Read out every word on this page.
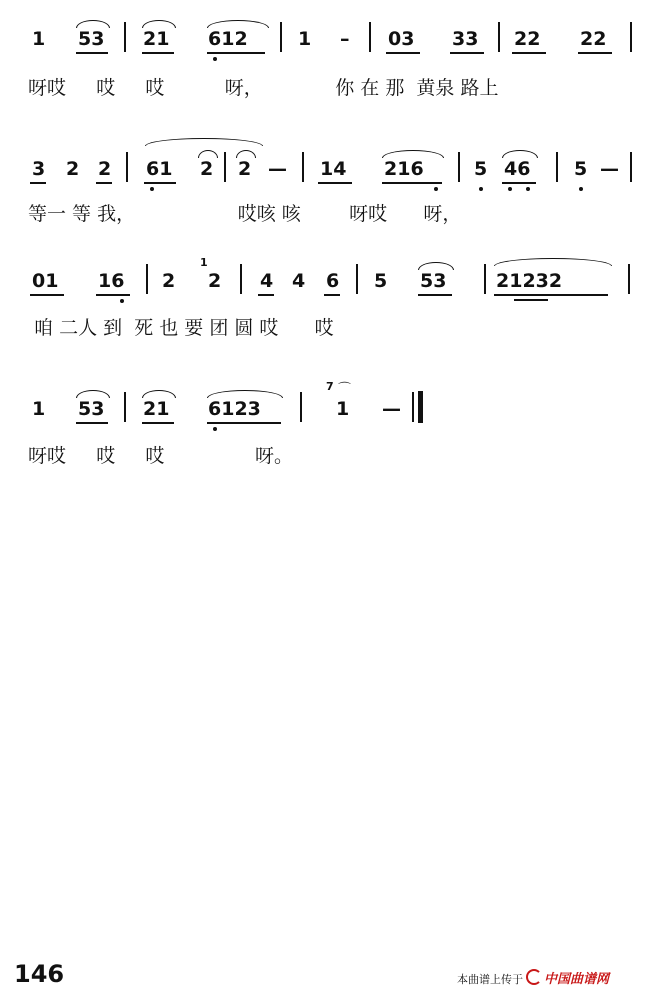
1 53 21 612	1 – 03 33 22 22
呀哎     哎     哎          呀，            你 在 那  黄泉 路上
3 2 2 61 2 2 — 14 216	5 46 5 —
等一 等 我，                 哎咳 咳        呀哎      呀，
01 16 2
1
2 4 4 6 5 53	21232
咱 二人 到  死 也 要 团 圆 哎      哎
1 53 21 6123
7 ⌒
1 —
呀哎     哎     哎               呀。
146	本曲谱上传于 中国曲谱网
